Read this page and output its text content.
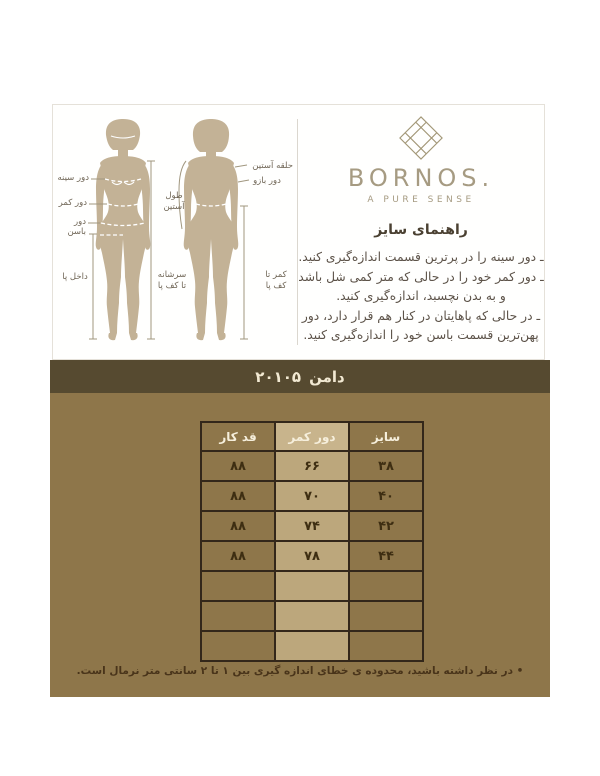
دور سینه
دور کمر
دور باسن
داخل پا	سرشانه
تا کف پا
طول
آستین
حلقه آستین
دور بازو
کمر تا
کف پا
BORNOS.
A PURE SENSE
راهنمای سایز

ـ دور سینه را در پرترین قسمت اندازه‌گیری کنید.

ـ دور کمر خود را در حالی که متر کمی شل باشد

و به بدن نچسبد، اندازه‌گیری کنید.

ـ در حالی که پاهایتان در کنار هم قرار دارد، دور

پهن‌ترین قسمت باسن خود را اندازه‌گیری کنید.

دامن
۲۰۱۰۵
سایز	دور کمر	قد کار
۳۸	۶۶	۸۸
۴۰	۷۰	۸۸
۴۲	۷۴	۸۸
۴۴	۷۸	۸۸

• در نظر داشته باشید، محدوده ی خطای اندازه گیری بین ۱ تا ۲ سانتی متر نرمال است.
